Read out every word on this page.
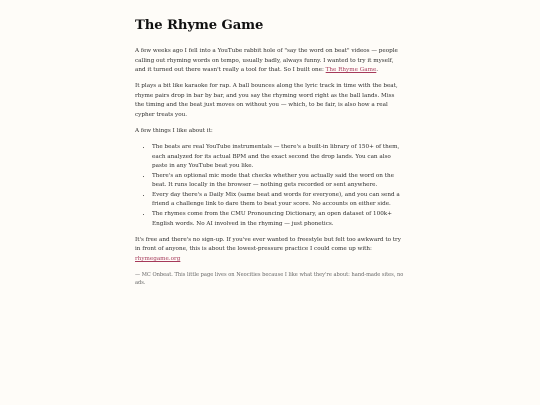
The Rhyme Game

A few weeks ago I fell into a YouTube rabbit hole of "say the word on beat" videos — people calling out rhyming words on tempo, usually badly, always funny. I wanted to try it myself, and it turned out there wasn't really a tool for that. So I built one: The Rhyme Game.

It plays a bit like karaoke for rap. A ball bounces along the lyric track in time with the beat, rhyme pairs drop in bar by bar, and you say the rhyming word right as the ball lands. Miss the timing and the beat just moves on without you — which, to be fair, is also how a real cypher treats you.

A few things I like about it:

• The beats are real YouTube instrumentals — there's a built-in library of 150+ of them, each analyzed for its actual BPM and the exact second the drop lands. You can also paste in any YouTube beat you like.
• There's an optional mic mode that checks whether you actually said the word on the beat. It runs locally in the browser — nothing gets recorded or sent anywhere.
• Every day there's a Daily Mix (same beat and words for everyone), and you can send a friend a challenge link to dare them to beat your score. No accounts on either side.
• The rhymes come from the CMU Pronouncing Dictionary, an open dataset of 100k+ English words. No AI involved in the rhyming — just phonetics.

It's free and there's no sign-up. If you've ever wanted to freestyle but felt too awkward to try in front of anyone, this is about the lowest-pressure practice I could come up with: rhymegame.org

— MC Onbeat. This little page lives on Neocities because I like what they're about: hand-made sites, no ads.
